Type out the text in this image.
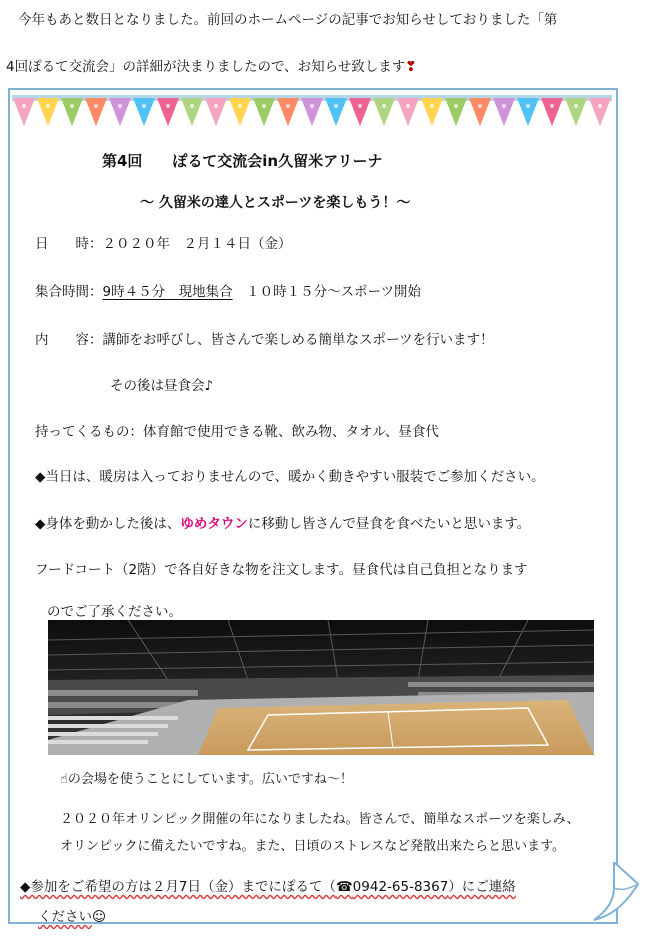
今年もあと数日となりました。前回のホームページの記事でお知らせしておりました「第
4回ぽるて交流会」の詳細が決まりましたので、お知らせ致します❣
第4回　　ぽるて交流会in久留米アリーナ
～ 久留米の達人とスポーツを楽しもう！～
日　　時：２０２０年　２月１４日（金）
集合時間：9時４５分　現地集合　１０時１５分～スポーツ開始
内　　容：講師をお呼びし、皆さんで楽しめる簡単なスポーツを行います！
その後は昼食会♪
持ってくるもの：体育館で使用できる靴、飲み物、タオル、昼食代
◆当日は、暖房は入っておりませんので、暖かく動きやすい服装でご参加ください。
◆身体を動かした後は、ゆめタウンに移動し皆さんで昼食を食べたいと思います。
フードコート（2階）で各自好きな物を注文します。昼食代は自己負担となります
のでご了承ください。
☝の会場を使うことにしています。広いですね～！
２０２０年オリンピック開催の年になりましたね。皆さんで、簡単なスポーツを楽しみ、
オリンピックに備えたいですね。また、日頃のストレスなど発散出来たらと思います。
◆参加をご希望の方は２月7日（金）までにぽるて（☎0942-65-8367）にご連絡
ください☺
